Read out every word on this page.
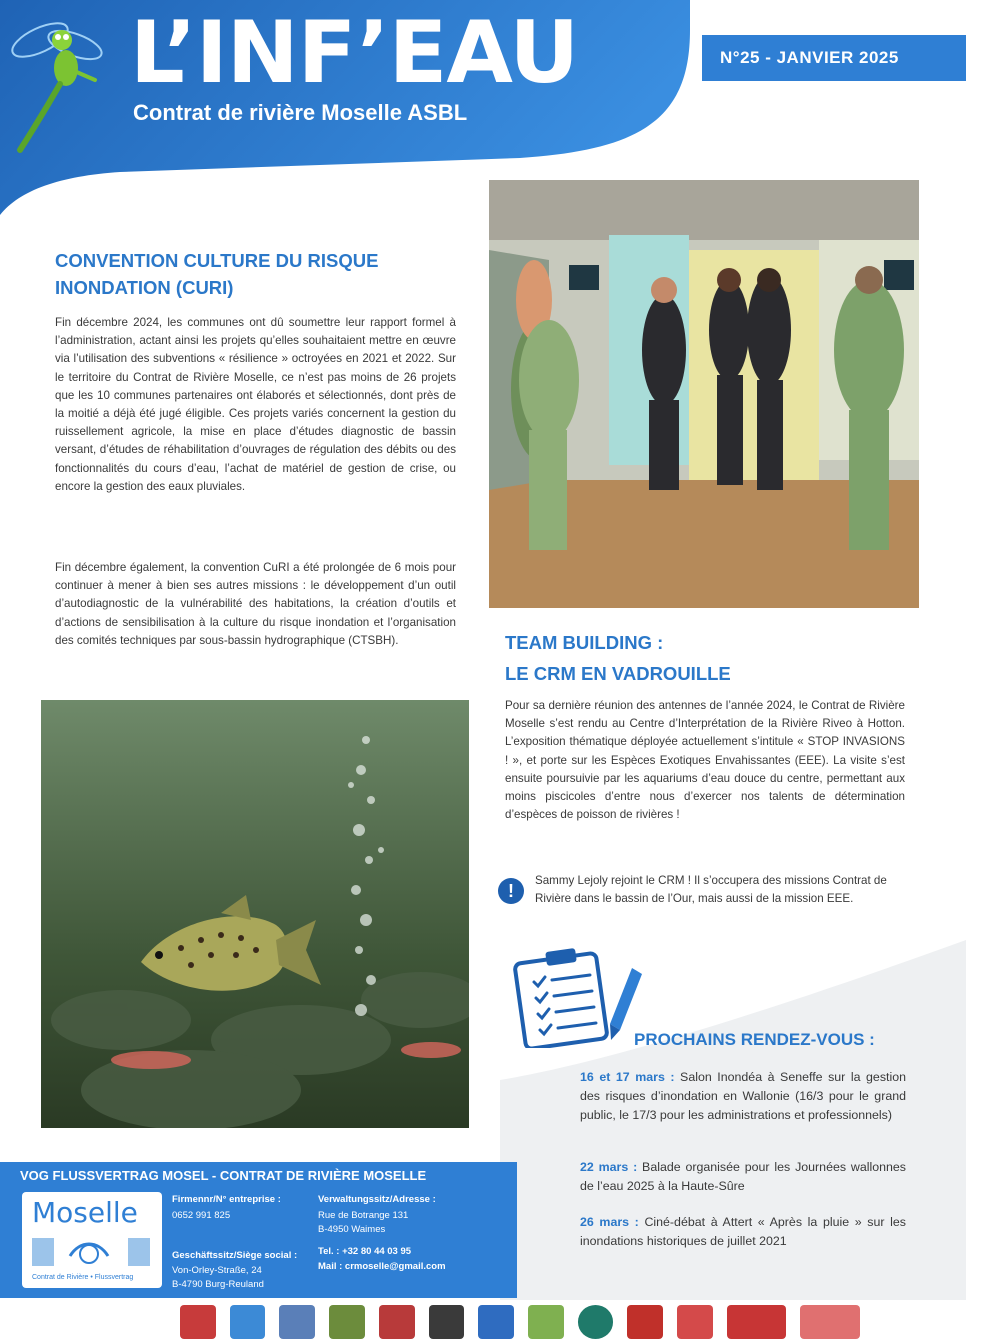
L’INF’EAU
Contrat de rivière Moselle ASBL
N°25 - JANVIER 2025
CONVENTION CULTURE DU RISQUE
INONDATION (CURI)

Fin décembre 2024, les communes ont dû soumettre leur rapport formel à l’administration, actant ainsi les projets qu’elles souhaitaient mettre en œuvre via l’utilisation des subventions « résilience » octroyées en 2021 et 2022. Sur le territoire du Contrat de Rivière Moselle, ce n’est pas moins de 26 projets que les 10 communes partenaires ont élaborés et sélectionnés, dont près de la moitié a déjà été jugé éligible. Ces projets variés concernent la gestion du ruissellement agricole, la mise en place d’études diagnostic de bassin versant, d’études de réhabilitation d’ouvrages de régulation des débits ou des fonctionnalités du cours d’eau, l’achat de matériel de gestion de crise, ou encore la gestion des eaux pluviales.

Fin décembre également, la convention CuRI a été prolongée de 6 mois pour continuer à mener à bien ses autres missions : le développement d’un outil d’autodiagnostic de la vulnérabilité des habitations, la création d’outils et d’actions de sensibilisation à la culture du risque inondation et l’organisation des comités techniques par sous-bassin hydrographique (CTSBH).	TEAM BUILDING :
LE CRM EN VADROUILLE

Pour sa dernière réunion des antennes de l’année 2024, le Contrat de Rivière Moselle s’est rendu au Centre d’Interprétation de la Rivière Riveo à Hotton. L’exposition thématique déployée actuellement s’intitule « STOP INVASIONS ! », et porte sur les Espèces Exotiques Envahissantes (EEE). La visite s’est ensuite poursuivie par les aquariums d’eau douce du centre, permettant aux moins piscicoles d’entre nous d’exercer nos talents de détermination d’espèces de poisson de rivières !

!	Sammy Lejoly rejoint le CRM ! Il s’occupera des missions Contrat de Rivière dans le bassin de l’Our, mais aussi de la mission EEE.

PROCHAINS RENDEZ-VOUS :
16 et 17 mars : Salon Inondéa à Seneffe sur la gestion des risques d’inondation en Wallonie (16/3 pour le grand public, le 17/3 pour les administrations et professionnels)
22 mars : Balade organisée pour les Journées wallonnes de l’eau 2025 à la Haute-Sûre
26 mars : Ciné-débat à Attert « Après la pluie » sur les inondations historiques de juillet 2021
VOG FLUSSVERTRAG MOSEL - CONTRAT DE RIVIÈRE MOSELLE
Moselle
Contrat de Rivière • Flussvertrag
Firmennr/N° entreprise :
0652 991 825
Geschäftssitz/Siège social :
Von-Orley-Straße, 24
B-4790 Burg-Reuland
Verwaltungssitz/Adresse :
Rue de Botrange 131
B-4950 Waimes
Tel. : +32 80 44 03 95
Mail : crmoselle@gmail.com
